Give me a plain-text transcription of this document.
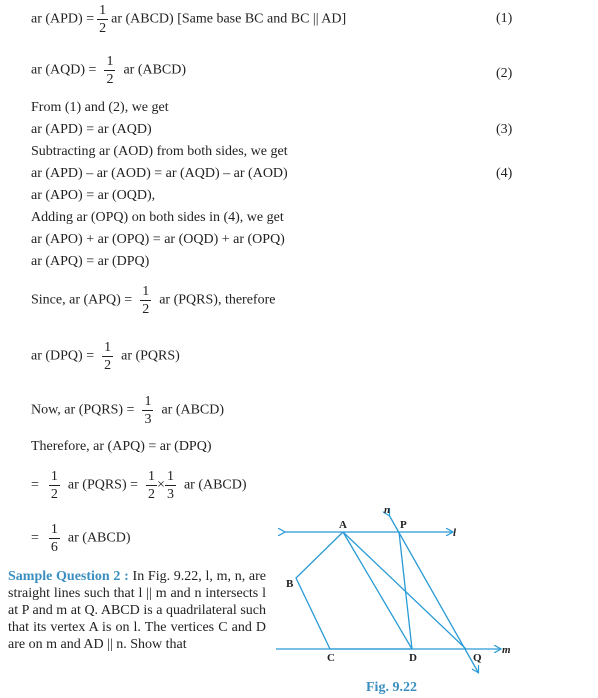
ar $(APD) = \frac{1}{2}$ ar (ABCD) [Same base BC and BC || AD]	(1)
ar $(AQD) = \frac{1}{2}$ ar (ABCD)	(2)
From (1) and (2), we get
ar (APD) = ar (AQD)	(3)
Subtracting ar (AOD) from both sides, we get
ar (APD) – ar (AOD) = ar (AQD) – ar (AOD)	(4)
ar (APO) = ar (OQD),
Adding ar (OPQ) on both sides in (4), we get
ar (APO) + ar (OPQ) = ar (OQD) + ar (OPQ)
ar (APQ) = ar (DPQ)
Since, ar $(APQ) = \frac{1}{2}$ ar (PQRS), therefore
ar $(DPQ) = \frac{1}{2}$ ar (PQRS)
Now, ar (PQRS) = $\frac{1}{3}$ ar (ABCD)
Therefore, ar (APQ) = ar (DPQ)
= $\frac{1}{2}$ ar (PQRS) = $\frac{1}{2} \times \frac{1}{3}$ ar (ABCD)
= $\frac{1}{6}$ ar (ABCD)
Sample Question 2 : In Fig. 9.22, l, m, n, are straight lines such that l || m and n intersects l at P and m at Q. ABCD is a quadrilateral such that its vertex A is on l. The vertices C and D are on m and AD || n. Show that
n
l
m
A	P
B
C	D	Q
Fig. 9.22
